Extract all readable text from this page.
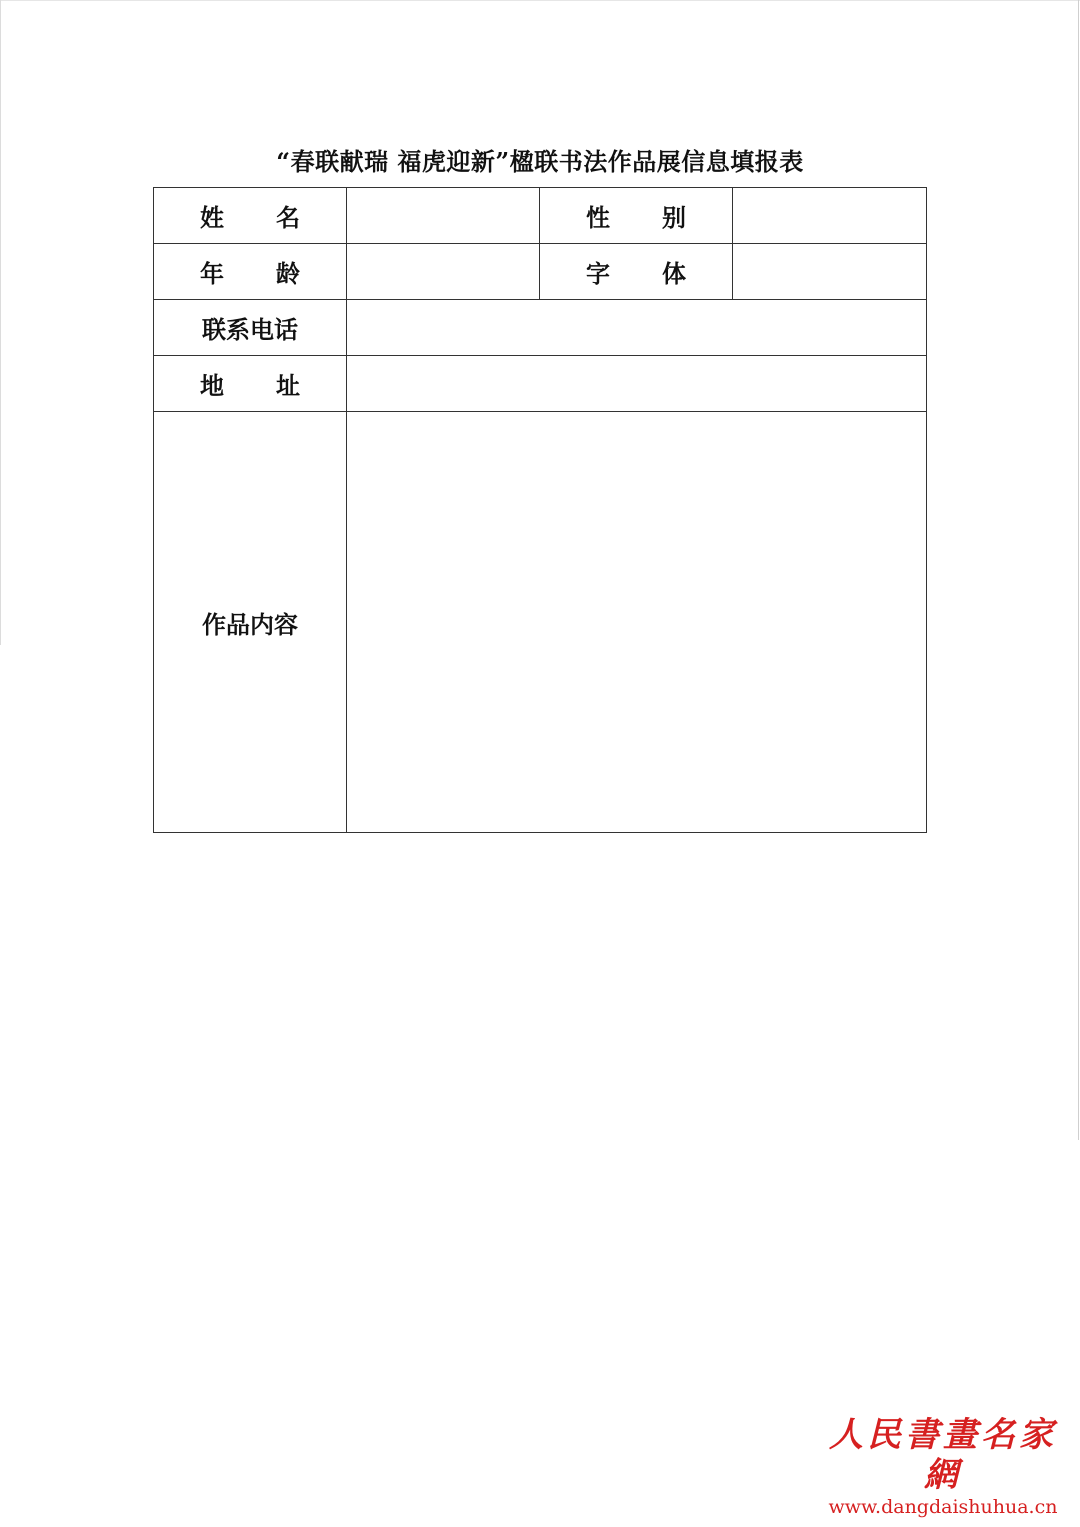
“春联献瑞 福虎迎新”楹联书法作品展信息填报表
姓 名		性 别	

年 龄		字 体	

联系电话			

地 址			

作品内容			
人民書畫名家網
www.dangdaishuhua.cn
